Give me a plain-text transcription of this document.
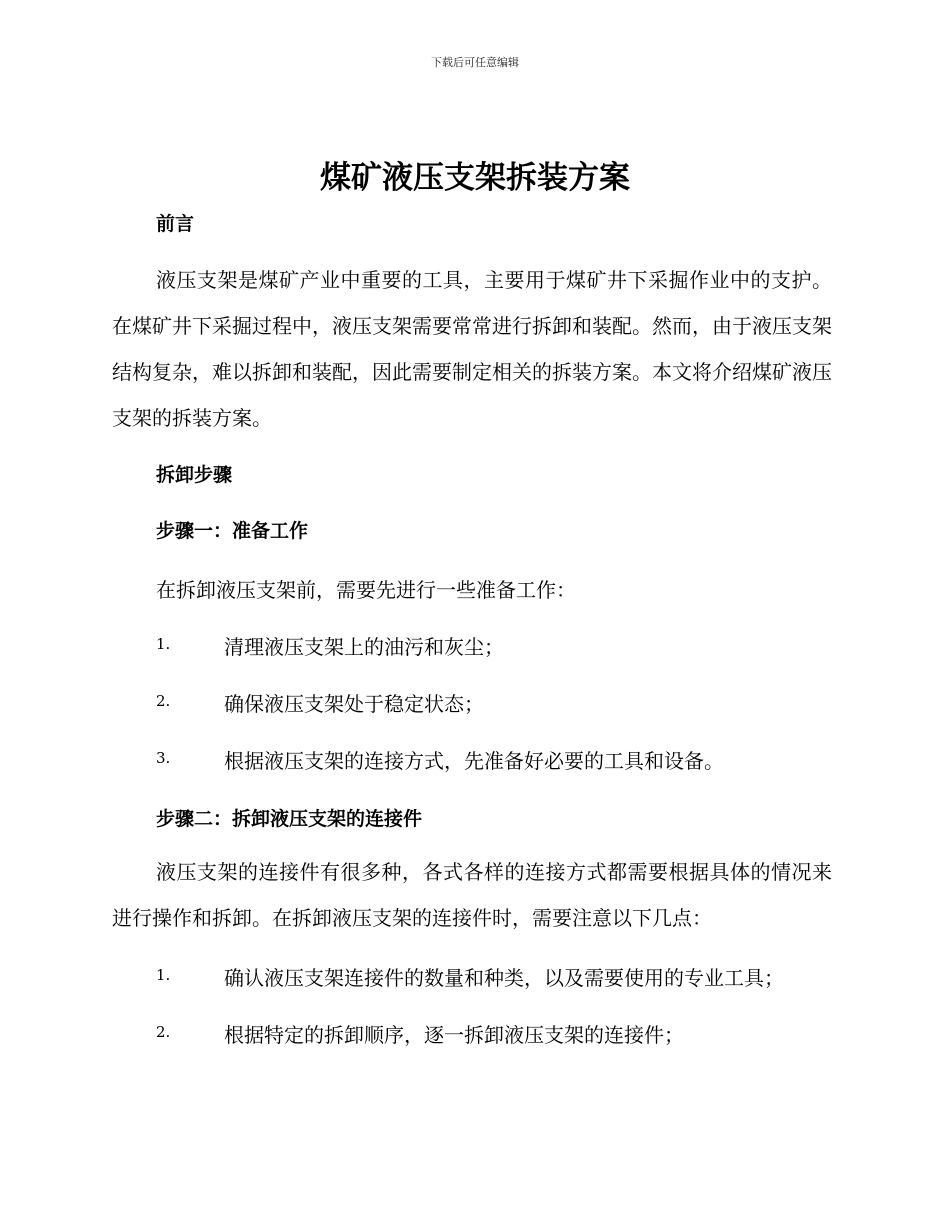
下载后可任意编辑
煤矿液压支架拆装方案
前言
液压支架是煤矿产业中重要的工具，主要用于煤矿井下采掘作业中的支护。在煤矿井下采掘过程中，液压支架需要常常进行拆卸和装配。然而，由于液压支架结构复杂，难以拆卸和装配，因此需要制定相关的拆装方案。本文将介绍煤矿液压支架的拆装方案。
拆卸步骤
步骤一：准备工作
在拆卸液压支架前，需要先进行一些准备工作：
1.	清理液压支架上的油污和灰尘；
2.	确保液压支架处于稳定状态；
3.	根据液压支架的连接方式，先准备好必要的工具和设备。
步骤二：拆卸液压支架的连接件
液压支架的连接件有很多种，各式各样的连接方式都需要根据具体的情况来进行操作和拆卸。在拆卸液压支架的连接件时，需要注意以下几点：
1.	确认液压支架连接件的数量和种类，以及需要使用的专业工具；
2.	根据特定的拆卸顺序，逐一拆卸液压支架的连接件；
